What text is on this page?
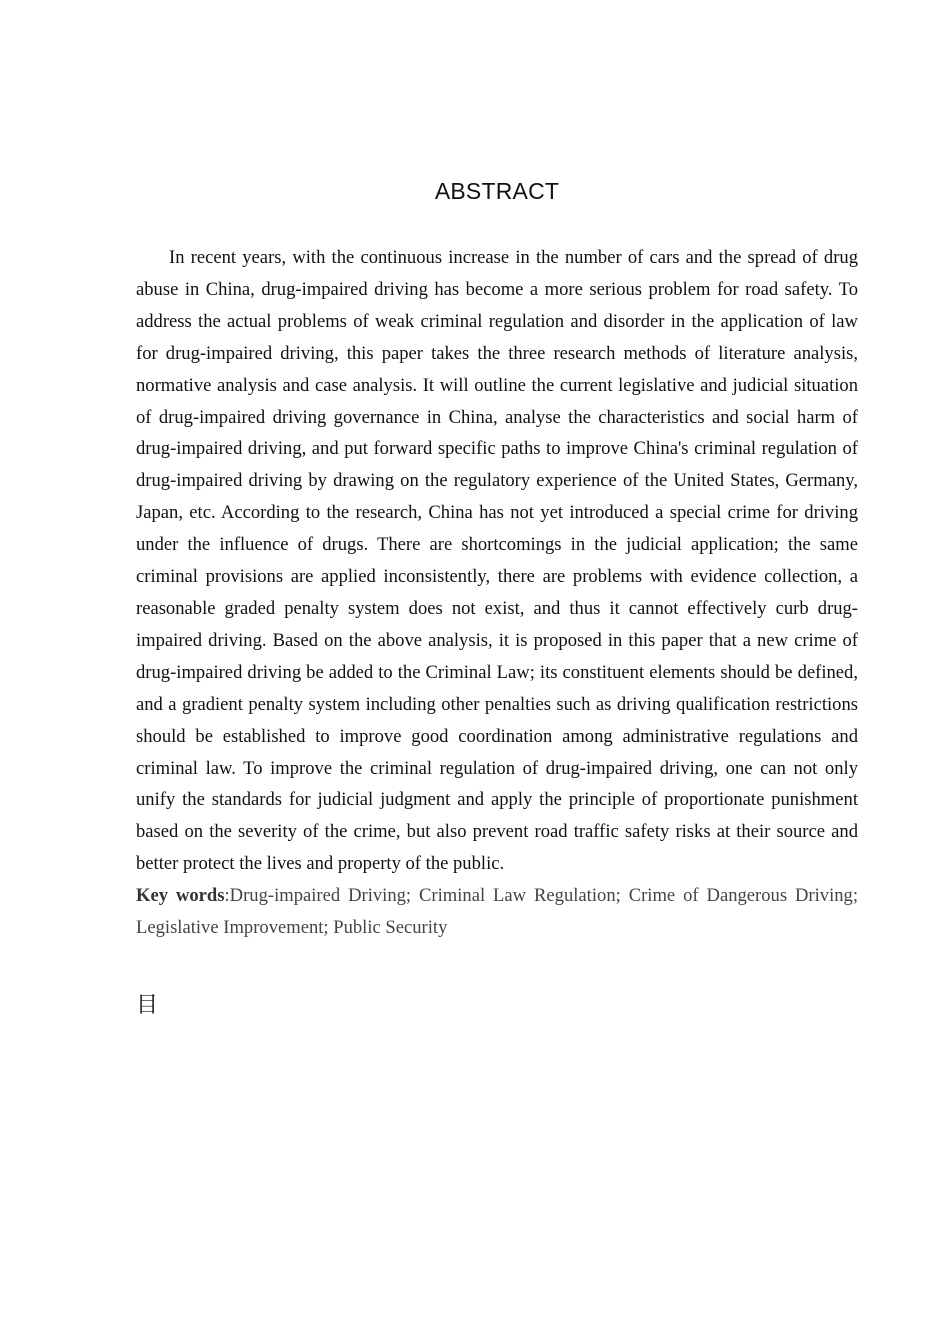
ABSTRACT

In recent years, with the continuous increase in the number of cars and the spread of drug abuse in China, drug-impaired driving has become a more serious problem for road safety. To address the actual problems of weak criminal regulation and disorder in the application of law for drug-impaired driving, this paper takes the three research methods of literature analysis, normative analysis and case analysis. It will outline the current legislative and judicial situation of drug-impaired driving governance in China, analyse the characteristics and social harm of drug-impaired driving, and put forward specific paths to improve China's criminal regulation of drug-impaired driving by drawing on the regulatory experience of the United States, Germany, Japan, etc. According to the research, China has not yet introduced a special crime for driving under the influence of drugs. There are shortcomings in the judicial application; the same criminal provisions are applied inconsistently, there are problems with evidence collection, a reasonable graded penalty system does not exist, and thus it cannot effectively curb drug-impaired driving. Based on the above analysis, it is proposed in this paper that a new crime of drug-impaired driving be added to the Criminal Law; its constituent elements should be defined, and a gradient penalty system including other penalties such as driving qualification restrictions should be established to improve good coordination among administrative regulations and criminal law. To improve the criminal regulation of drug-impaired driving, one can not only unify the standards for judicial judgment and apply the principle of proportionate punishment based on the severity of the crime, but also prevent road traffic safety risks at their source and better protect the lives and property of the public.

Key words:Drug-impaired Driving; Criminal Law Regulation; Crime of Dangerous Driving; Legislative Improvement; Public Security

目
